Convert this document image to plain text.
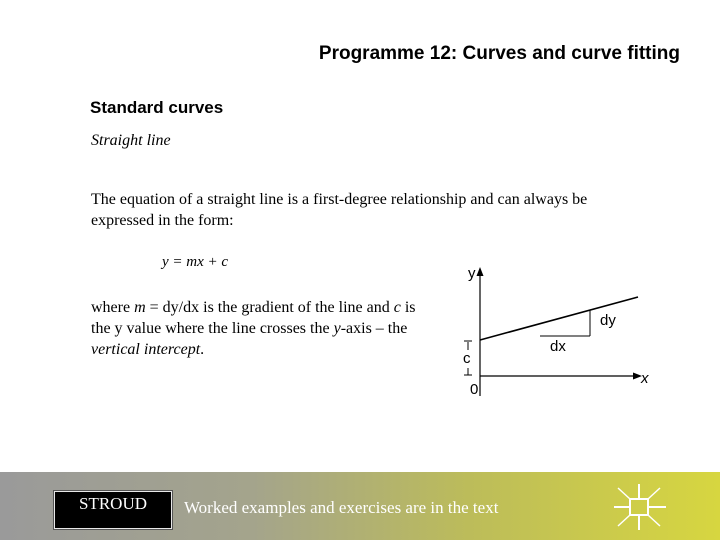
Programme 12: Curves and curve fitting
Standard curves
Straight line
The equation of a straight line is a first-degree relationship and can always be expressed in the form:
y = mx + c
where m = dy/dx is the gradient of the line and c is the y value where the line crosses the y-axis – the vertical intercept.
y
x
0
c
dx
dy
STROUD	Worked examples and exercises are in the text
